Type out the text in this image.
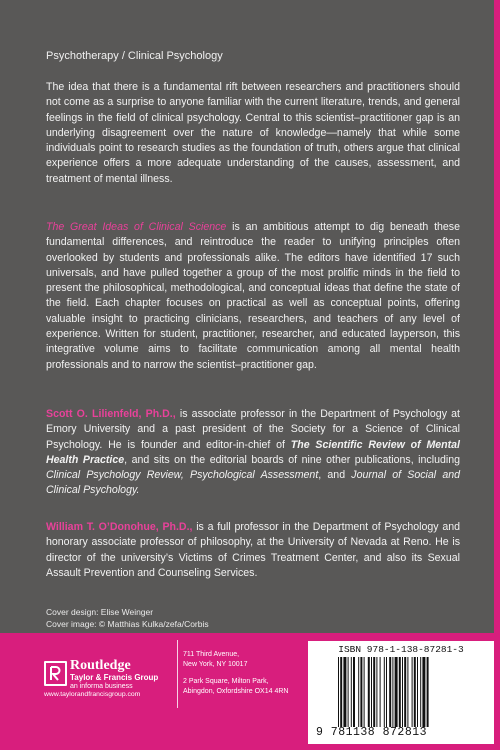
Psychotherapy / Clinical Psychology
The idea that there is a fundamental rift between researchers and practitioners should not come as a surprise to anyone familiar with the current literature, trends, and general feelings in the field of clinical psychology. Central to this scientist–practitioner gap is an underlying disagreement over the nature of knowledge—namely that while some individuals point to research studies as the foundation of truth, others argue that clinical experience offers a more adequate understanding of the causes, assessment, and treatment of mental illness.
The Great Ideas of Clinical Science is an ambitious attempt to dig beneath these fundamental differences, and reintroduce the reader to unifying principles often overlooked by students and professionals alike. The editors have identified 17 such universals, and have pulled together a group of the most prolific minds in the field to present the philosophical, methodological, and conceptual ideas that define the state of the field. Each chapter focuses on practical as well as conceptual points, offering valuable insight to practicing clinicians, researchers, and teachers of any level of experience. Written for student, practitioner, researcher, and educated layperson, this integrative volume aims to facilitate communication among all mental health professionals and to narrow the scientist–practitioner gap.
Scott O. Lilienfeld, Ph.D., is associate professor in the Department of Psychology at Emory University and a past president of the Society for a Science of Clinical Psychology. He is founder and editor-in-chief of The Scientific Review of Mental Health Practice, and sits on the editorial boards of nine other publications, including Clinical Psychology Review, Psychological Assessment, and Journal of Social and Clinical Psychology.
William T. O’Donohue, Ph.D., is a full professor in the Department of Psychology and honorary associate professor of philosophy, at the University of Nevada at Reno. He is director of the university’s Victims of Crimes Treatment Center, and also its Sexual Assault Prevention and Counseling Services.
Cover design: Elise Weinger
Cover image: © Matthias Kulka/zefa/Corbis
Routledge
Taylor & Francis Group
an informa business
www.taylorandfrancisgroup.com
711 Third Avenue,
New York, NY 10017
2 Park Square, Milton Park,
Abingdon, Oxfordshire OX14 4RN
ISBN 978-1-138-87281-3
9 781138 872813
